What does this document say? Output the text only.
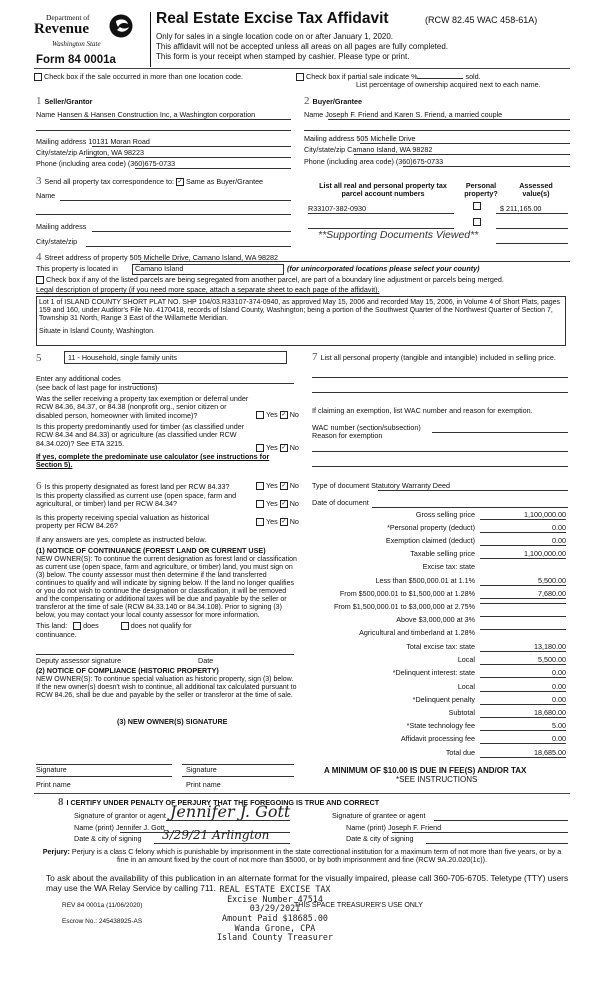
Department of
Revenue
Washington State
Form 84 0001a
Real Estate Excise Tax Affidavit	(RCW 82.45 WAC 458-61A)
Only for sales in a single location code on or after January 1, 2020.
This affidavit will not be accepted unless all areas on all pages are fully completed.
This form is your receipt when stamped by cashier. Please type or print.
Check box if the sale occurred in more than one location code.	Check box if partial sale indicate %	sold.
List percentage of ownership acquired next to each name.
1 Seller/Grantor
Name Hansen & Hansen Construction Inc, a Washington corporation
Mailing address 10131 Moran Road
City/state/zip Arlington, WA 98223
Phone (including area code) (360)675-0733
2 Buyer/Grantee
Name Joseph F. Friend and Karen S. Friend, a married couple
Mailing address 505 Michelle Drive
City/state/zip Camano Island, WA 98282
Phone (including area code) (360)675-0733
3 Send all property tax correspondence to: ✓ Same as Buyer/Grantee
Name
Mailing address
City/state/zip
List all real and personal property tax parcel account numbers
Personal property?
Assessed value(s)
R33107-382-0930	$ 211,165.00
**Supporting Documents Viewed**
4 Street address of property 505 Michelle Drive, Camano Island, WA 98282
This property is located in	Camano Island	(for unincorporated locations please select your county)
Check box if any of the listed parcels are being segregated from another parcel, are part of a boundary line adjustment or parcels being merged.
Legal description of property (if you need more space, attach a separate sheet to each page of the affidavit).
Lot 1 of ISLAND COUNTY SHORT PLAT NO. SHP 104/03.R33107-374-0940, as approved May 15, 2006 and recorded May 15, 2006, in Volume 4 of Short Plats, pages 159 and 160, under Auditor's File No. 4170418, records of Island County, Washington; being a portion of the Southwest Quarter of the Northwest Quarter of Section 7, Township 31 North, Range 3 East of the Willamette Meridian.
Situate in Island County, Washington.
5	11 - Household, single family units
Enter any additional codes
(see back of last page for instructions)
Was the seller receiving a property tax exemption or deferral under RCW 84.36, 84.37, or 84.38 (nonprofit org., senior citizen or disabled person, homeowner with limited income)?	Yes ✓ No
Is this property predominantly used for timber (as classified under RCW 84.34 and 84.33) or agriculture (as classified under RCW 84.34.020)? See ETA 3215.	Yes ✓ No
If yes, complete the predominate use calculator (see instructions for Section 5).
6 Is this property designated as forest land per RCW 84.33?	Yes ✓ No
Is this property classified as current use (open space, farm and agricultural, or timber) land per RCW 84.34?	Yes ✓ No
Is this property receiving special valuation as historical property per RCW 84.26?	Yes ✓ No
If any answers are yes, complete as instructed below.
(1) NOTICE OF CONTINUANCE (FOREST LAND OR CURRENT USE)
NEW OWNER(S): To continue the current designation as forest land or classification as current use (open space, farm and agriculture, or timber) land, you must sign on (3) below. The county assessor must then determine if the land transferred continues to qualify and will indicate by signing below. If the land no longer qualifies or you do not wish to continue the designation or classification, it will be removed and the compensating or additional taxes will be due and payable by the seller or transferor at the time of sale (RCW 84.33.140 or 84.34.108). Prior to signing (3) below, you may contact your local county assessor for more information.
This land: does	does not qualify for
continuance.
Deputy assessor signature	Date
(2) NOTICE OF COMPLIANCE (HISTORIC PROPERTY)
NEW OWNER(S): To continue special valuation as historic property, sign (3) below. If the new owner(s) doesn't wish to continue, all additional tax calculated pursuant to RCW 84.26, shall be due and payable by the seller or transferor at the time of sale.
(3) NEW OWNER(S) SIGNATURE
Signature	Signature
Print name	Print name
7 List all personal property (tangible and intangible) included in selling price.
If claiming an exemption, list WAC number and reason for exemption.
WAC number (section/subsection)
Reason for exemption
Type of document Statutory Warranty Deed
Date of document
Gross selling price	1,100,000.00
*Personal property (deduct)	0.00
Exemption claimed (deduct)	0.00
Taxable selling price	1,100,000.00
Excise tax: state
Less than $500,000.01 at 1.1%	5,500.00
From $500,000.01 to $1,500,000 at 1.28%	7,680.00
From $1,500,000.01 to $3,000,000 at 2.75%
Above $3,000,000 at 3%
Agricultural and timberland at 1.28%
Total excise tax: state	13,180.00
Local	5,500.00
*Delinquent interest: state	0.00
Local	0.00
*Delinquent penalty	0.00
Subtotal	18,680.00
*State technology fee	5.00
Affidavit processing fee	0.00
Total due	18,685.00
A MINIMUM OF $10.00 IS DUE IN FEE(S) AND/OR TAX
*SEE INSTRUCTIONS
8 I CERTIFY UNDER PENALTY OF PERJURY THAT THE FOREGOING IS TRUE AND CORRECT
Signature of grantor or agent Jennifer J. Gott
Name (print) Jennifer J. Gott
Date & city of signing 3/29/21 Arlington
Signature of grantee or agent
Name (print) Joseph F. Friend
Date & city of signing
Perjury: Perjury is a class C felony which is punishable by imprisonment in the state correctional institution for a maximum term of not more than five years, or by a fine in an amount fixed by the court of not more than $5000, or by both imprisonment and fine (RCW 9A.20.020(1c)).
To ask about the availability of this publication in an alternate format for the visually impaired, please call 360-705-6705. Teletype (TTY) users may use the WA Relay Service by calling 711.
REV 84 0001a (11/06/2020)
Escrow No.: 245438925-AS
THIS SPACE TREASURER'S USE ONLY
REAL ESTATE EXCISE TAX
Excise Number 47514
03/29/2021
Amount Paid $18685.00
Wanda Grone, CPA
Island County Treasurer
